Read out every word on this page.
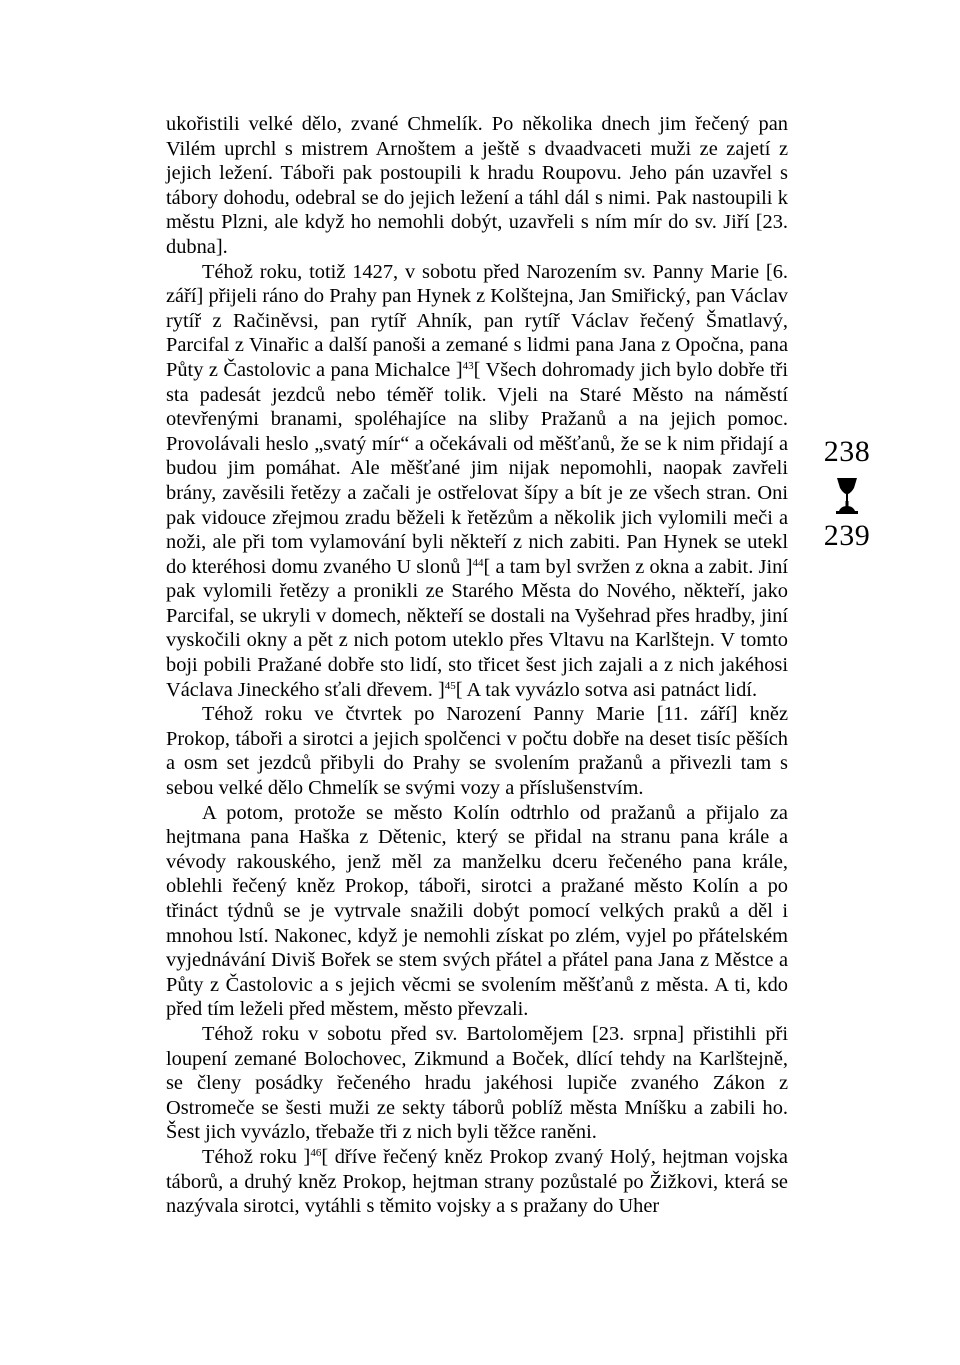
ukořistili velké dělo, zvané Chmelík. Po několika dnech jim řečený pan Vilém uprchl s mistrem Arnoštem a ještě s dvaadvaceti muži ze zajetí z jejich ležení. Táboři pak postoupili k hradu Roupovu. Jeho pán uzavřel s tábory dohodu, odebral se do jejich ležení a táhl dál s nimi. Pak nastoupili k městu Plzni, ale když ho nemohli dobýt, uzavřeli s ním mír do sv. Jiří [23. dubna].

Téhož roku, totiž 1427, v sobotu před Narozením sv. Panny Marie [6. září] přijeli ráno do Prahy pan Hynek z Kolštejna, Jan Smiřický, pan Václav rytíř z Račiněvsi, pan rytíř Ahník, pan rytíř Václav řečený Šmatlavý, Parcifal z Vinařic a další panoši a zemané s lidmi pana Jana z Opočna, pana Půty z Častolovic a pana Michalce ]$^{43}$[ Všech dohromady jich bylo dobře tři sta padesát jezdců nebo téměř tolik. Vjeli na Staré Město na náměstí otevřenými branami, spoléhajíce na sliby Pražanů a na jejich pomoc. Provolávali heslo „svatý mír“ a očekávali od měšťanů, že se k nim přidají a budou jim pomáhat. Ale měšťané jim nijak nepomohli, naopak zavřeli brány, zavěsili řetězy a začali je ostřelovat šípy a bít je ze všech stran. Oni pak vidouce zřejmou zradu běželi k řetězům a několik jich vylomili meči a noži, ale při tom vylamování byli někteří z nich zabiti. Pan Hynek se utekl do kteréhosi domu zvaného U slonů ]$^{44}$[ a tam byl svržen z okna a zabit. Jiní pak vylomili řetězy a pronikli ze Starého Města do Nového, někteří, jako Parcifal, se ukryli v domech, někteří se dostali na Vyšehrad přes hradby, jiní vyskočili okny a pět z nich potom uteklo přes Vltavu na Karlštejn. V tomto boji pobili Pražané dobře sto lidí, sto třicet šest jich zajali a z nich jakéhosi Václava Jineckého sťali dřevem. ]$^{45}$[ A tak vyvázlo sotva asi patnáct lidí.

Téhož roku ve čtvrtek po Narození Panny Marie [11. září] kněz Prokop, táboři a sirotci a jejich spolčenci v počtu dobře na deset tisíc pěších a osm set jezdců přibyli do Prahy se svolením pražanů a přivezli tam s sebou velké dělo Chmelík se svými vozy a příslušenstvím.

A potom, protože se město Kolín odtrhlo od pražanů a přijalo za hejtmana pana Haška z Dětenic, který se přidal na stranu pana krále a vévody rakouského, jenž měl za manželku dceru řečeného pana krále, oblehli řečený kněz Prokop, táboři, sirotci a pražané město Kolín a po třináct týdnů se je vytrvale snažili dobýt pomocí velkých praků a děl i mnohou lstí. Nakonec, když je nemohli získat po zlém, vyjel po přátelském vyjednávání Diviš Bořek se stem svých přátel a přátel pana Jana z Městce a Půty z Častolovic a s jejich věcmi se svolením měšťanů z města. A ti, kdo před tím leželi před městem, město převzali.

Téhož roku v sobotu před sv. Bartolomějem [23. srpna] přistihli při loupení zemané Bolochovec, Zikmund a Boček, dlící tehdy na Karlštejně, se členy posádky řečeného hradu jakéhosi lupiče zvaného Zákon z Ostromeče se šesti muži ze sekty táborů poblíž města Mníšku a zabili ho. Šest jich vyvázlo, třebaže tři z nich byli těžce raněni.

Téhož roku ]$^{46}$[ dříve řečený kněz Prokop zvaný Holý, hejtman vojska táborů, a druhý kněz Prokop, hejtman strany pozůstalé po Žižkovi, která se nazývala sirotci, vytáhli s těmito vojsky a s pražany do Uher

238
239
